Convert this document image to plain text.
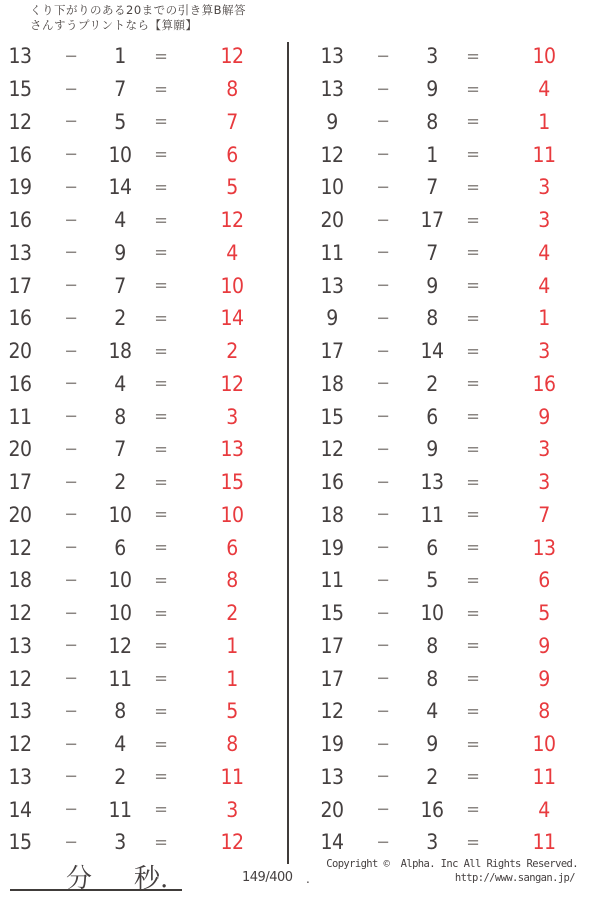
くり下がりのある20までの引き算B解答
さんすうプリントなら【算願】
13	−	1	=	12
15	−	7	=	8
12	−	5	=	7
16	−	10	=	6
19	−	14	=	5
16	−	4	=	12
13	−	9	=	4
17	−	7	=	10
16	−	2	=	14
20	−	18	=	2
16	−	4	=	12
11	−	8	=	3
20	−	7	=	13
17	−	2	=	15
20	−	10	=	10
12	−	6	=	6
18	−	10	=	8
12	−	10	=	2
13	−	12	=	1
12	−	11	=	1
13	−	8	=	5
12	−	4	=	8
13	−	2	=	11
14	−	11	=	3
15	−	3	=	12
13	−	3	=	10
13	−	9	=	4
9	−	8	=	1
12	−	1	=	11
10	−	7	=	3
20	−	17	=	3
11	−	7	=	4
13	−	9	=	4
9	−	8	=	1
17	−	14	=	3
18	−	2	=	16
15	−	6	=	9
12	−	9	=	3
16	−	13	=	3
18	−	11	=	7
19	−	6	=	13
11	−	5	=	6
15	−	10	=	5
17	−	8	=	9
17	−	8	=	9
12	−	4	=	8
19	−	9	=	10
13	−	2	=	11
20	−	16	=	4
14	−	3	=	11
分 秒.	149/400 .
Copyright ©  Alpha. Inc All Rights Reserved.
http://www.sangan.jp/
